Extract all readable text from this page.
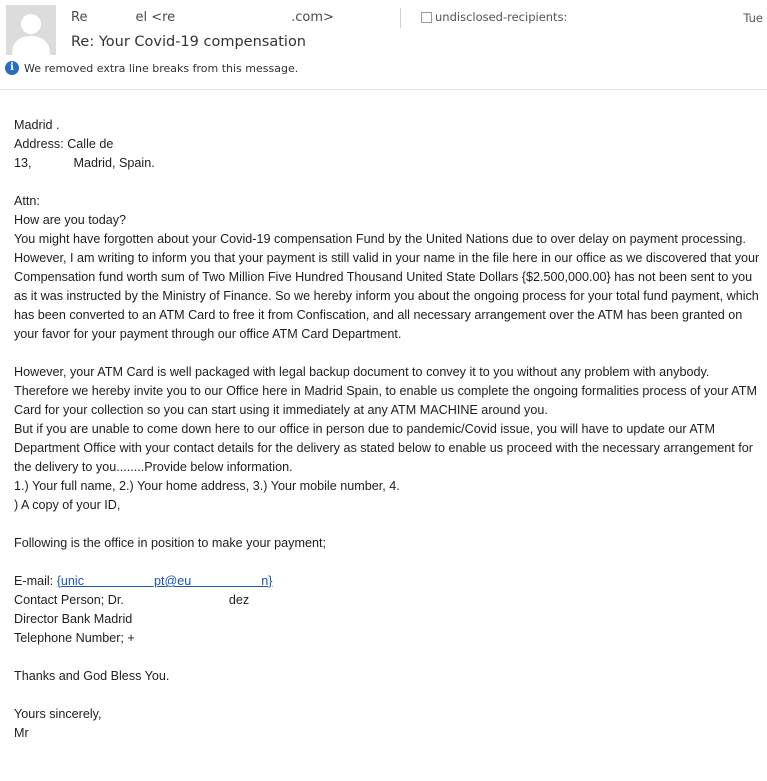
Re	el <re	.com>	undisclosed-recipients:	Tue
Re: Your Covid-19 compensation
i We removed extra line breaks from this message.
Madrid .
Address: Calle de
13,            Madrid, Spain.
Attn:
How are you today?
You might have forgotten about your Covid-19 compensation Fund by the United Nations due to over delay on payment processing. However, I am writing to inform you that your payment is still valid in your name in the file here in our office as we discovered that your Compensation fund worth sum of Two Million Five Hundred Thousand United State Dollars {$2.500,000.00} has not been sent to you as it was instructed by the Ministry of Finance. So we hereby inform you about the ongoing process for your total fund payment, which has been converted to an ATM Card to free it from Confiscation, and all necessary arrangement over the ATM has been granted on your favor for your payment through our office ATM Card Department.
However, your ATM Card is well packaged with legal backup document to convey it to you without any problem with anybody. Therefore we hereby invite you to our Office here in Madrid Spain, to enable us complete the ongoing formalities process of your ATM Card for your collection so you can start using it immediately at any ATM MACHINE around you.
But if you are unable to come down here to our office in person due to pandemic/Covid issue, you will have to update our ATM Department Office with your contact details for the delivery as stated below to enable us proceed with the necessary arrangement for the delivery to you........Provide below information.
1.) Your full name, 2.) Your home address, 3.) Your mobile number, 4.
) A copy of your ID,
Following is the office in position to make your payment;
E-mail: {unic                    pt@eu                    n}
Contact Person; Dr.                              dez
Director Bank Madrid
Telephone Number; +
Thanks and God Bless You.
Yours sincerely,
Mr
